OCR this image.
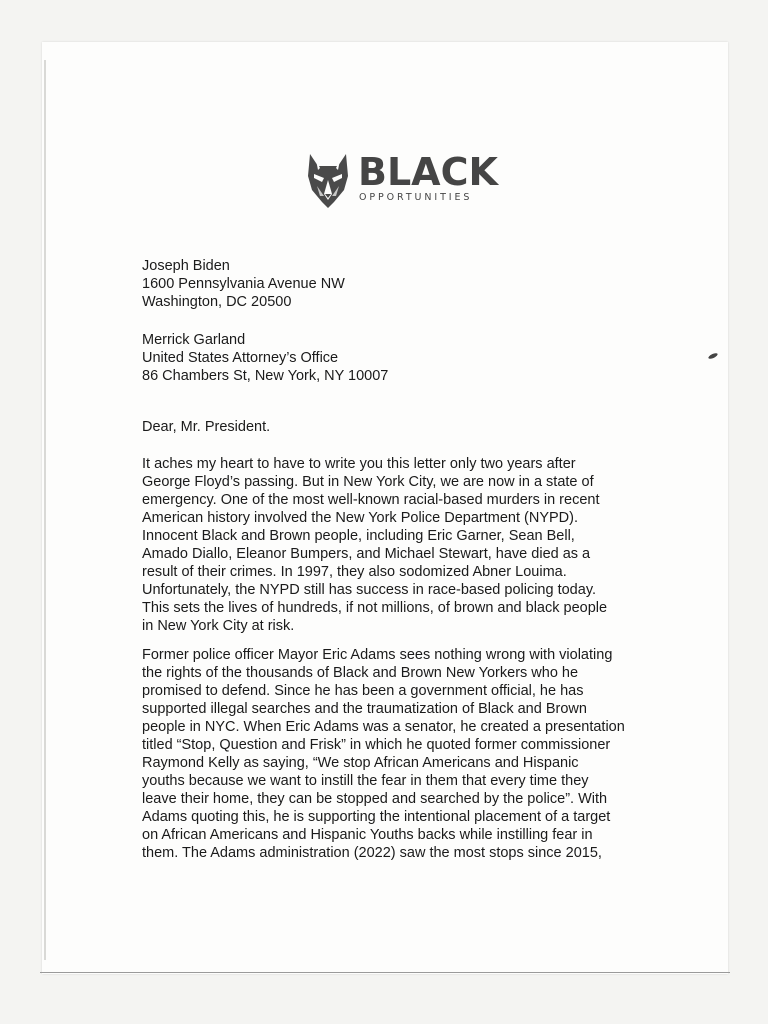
BLACK
OPPORTUNITIES
Joseph Biden
1600 Pennsylvania Avenue NW
Washington, DC 20500
Merrick Garland
United States Attorney’s Office
86 Chambers St, New York, NY 10007
Dear, Mr. President.
It aches my heart to have to write you this letter only two years after
George Floyd’s passing. But in New York City, we are now in a state of
emergency. One of the most well-known racial-based murders in recent
American history involved the New York Police Department (NYPD).
Innocent Black and Brown people, including Eric Garner, Sean Bell,
Amado Diallo, Eleanor Bumpers, and Michael Stewart, have died as a
result of their crimes. In 1997, they also sodomized Abner Louima.
Unfortunately, the NYPD still has success in race-based policing today.
This sets the lives of hundreds, if not millions, of brown and black people
in New York City at risk.
Former police officer Mayor Eric Adams sees nothing wrong with violating
the rights of the thousands of Black and Brown New Yorkers who he
promised to defend. Since he has been a government official, he has
supported illegal searches and the traumatization of Black and Brown
people in NYC. When Eric Adams was a senator, he created a presentation
titled “Stop, Question and Frisk” in which he quoted former commissioner
Raymond Kelly as saying, “We stop African Americans and Hispanic
youths because we want to instill the fear in them that every time they
leave their home, they can be stopped and searched by the police”. With
Adams quoting this, he is supporting the intentional placement of a target
on African Americans and Hispanic Youths backs while instilling fear in
them. The Adams administration (2022) saw the most stops since 2015,
